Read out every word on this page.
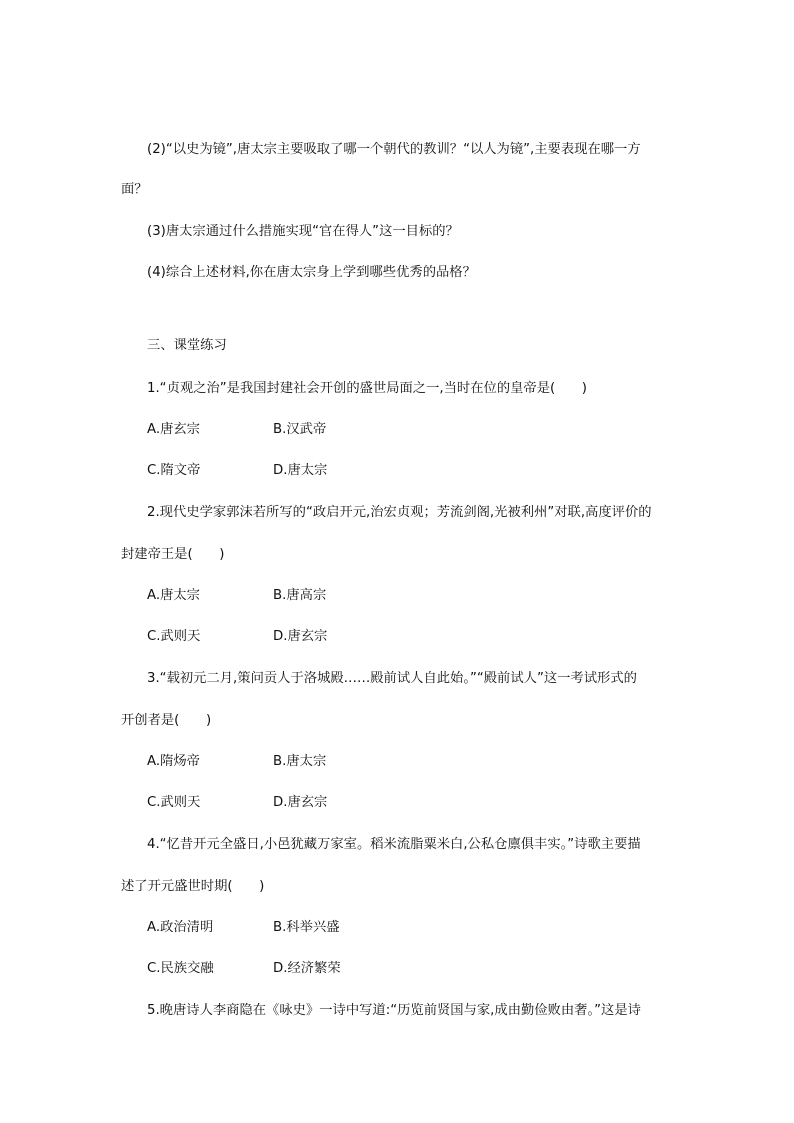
(2)“以史为镜”,唐太宗主要吸取了哪一个朝代的教训？“以人为镜”,主要表现在哪一方
面？
(3)唐太宗通过什么措施实现“官在得人”这一目标的？
(4)综合上述材料,你在唐太宗身上学到哪些优秀的品格？
三、课堂练习
1.“贞观之治”是我国封建社会开创的盛世局面之一,当时在位的皇帝是(　　)
A.唐玄宗	B.汉武帝
C.隋文帝	D.唐太宗
2.现代史学家郭沫若所写的“政启开元,治宏贞观；芳流剑阁,光被利州”对联,高度评价的
封建帝王是(　　)
A.唐太宗	B.唐高宗
C.武则天	D.唐玄宗
3.“载初元二月,策问贡人于洛城殿……殿前试人自此始。”“殿前试人”这一考试形式的
开创者是(　　)
A.隋炀帝	B.唐太宗
C.武则天	D.唐玄宗
4.“忆昔开元全盛日,小邑犹藏万家室。稻米流脂粟米白,公私仓廪俱丰实。”诗歌主要描
述了开元盛世时期(　　)
A.政治清明	B.科举兴盛
C.民族交融	D.经济繁荣
5.晚唐诗人李商隐在《咏史》一诗中写道:“历览前贤国与家,成由勤俭败由奢。”这是诗
